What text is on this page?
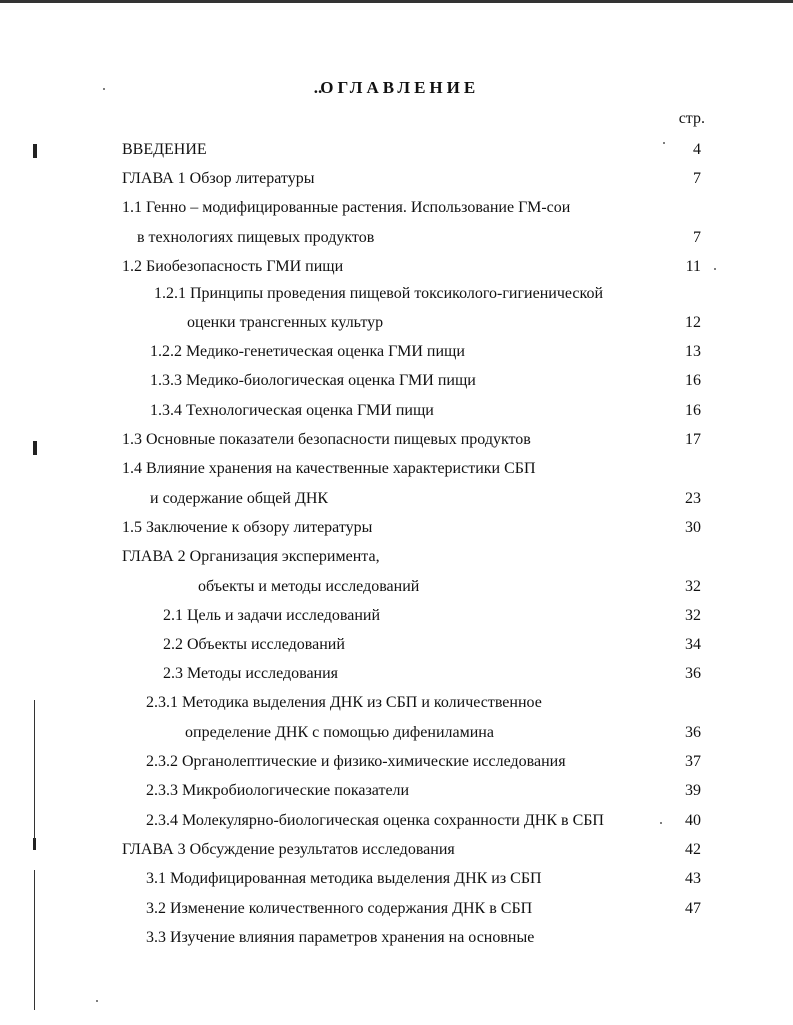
..ОГЛАВЛЕНИЕ
стр.
ВВЕДЕНИЕ	4
ГЛАВА 1 Обзор литературы	7
1.1 Генно – модифицированные растения. Использование ГМ-сои
в технологиях пищевых продуктов	7
1.2 Биобезопасность ГМИ пищи	11
1.2.1 Принципы проведения пищевой токсиколого-гигиенической
оценки трансгенных культур	12
1.2.2 Медико-генетическая оценка ГМИ пищи	13
1.3.3 Медико-биологическая оценка ГМИ пищи	16
1.3.4 Технологическая оценка ГМИ пищи	16
1.3 Основные показатели безопасности пищевых продуктов	17
1.4 Влияние хранения на качественные характеристики СБП
и содержание общей ДНК	23
1.5 Заключение к обзору литературы	30
ГЛАВА 2 Организация эксперимента,
объекты и методы исследований	32
2.1 Цель и задачи исследований	32
2.2 Объекты исследований	34
2.3 Методы исследования	36
2.3.1 Методика выделения ДНК из СБП и количественное
определение ДНК с помощью дифениламина	36
2.3.2 Органолептические и физико-химические исследования	37
2.3.3 Микробиологические показатели	39
2.3.4 Молекулярно-биологическая оценка сохранности ДНК в СБП	40
ГЛАВА 3 Обсуждение результатов исследования	42
3.1 Модифицированная методика выделения ДНК из СБП	43
3.2 Изменение количественного содержания ДНК в СБП	47
3.3 Изучение влияния параметров хранения на основные
